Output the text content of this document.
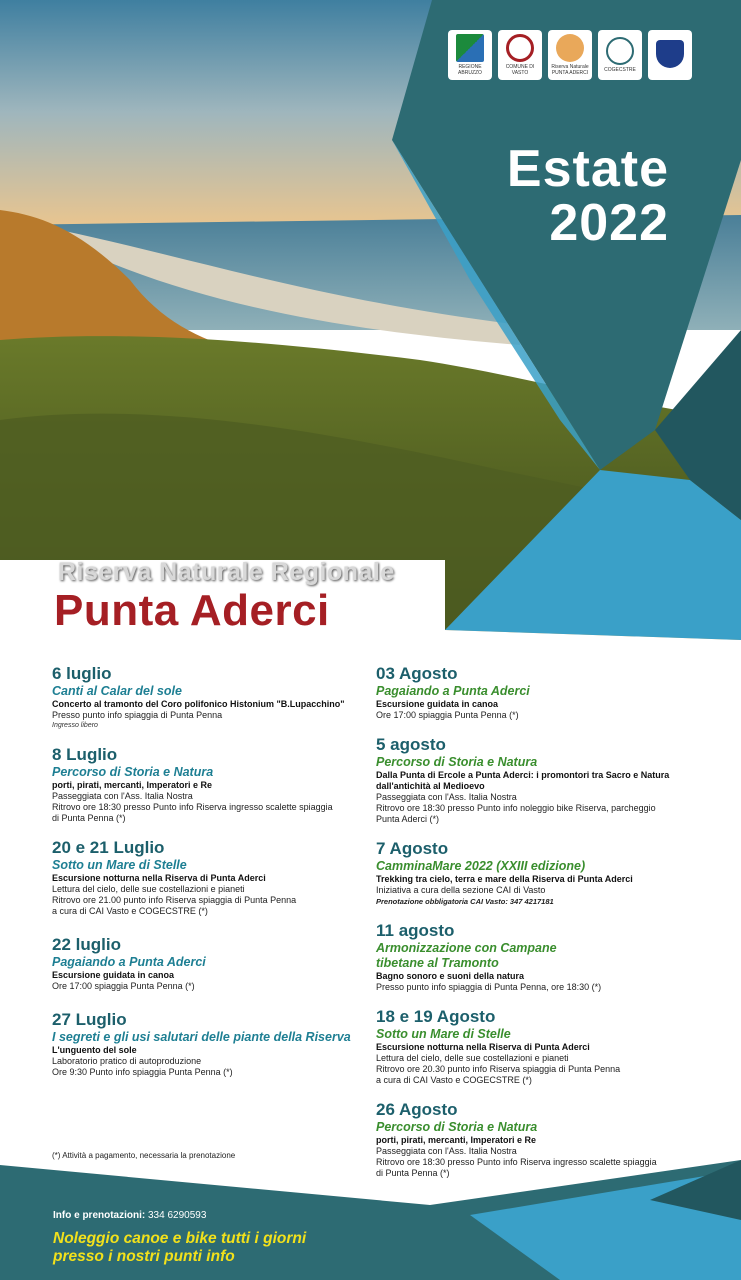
REGIONE ABRUZZO
COMUNE DI VASTO
Riserva Naturale PUNTA ADERCI	COGECSTRE
Estate
2022
Riserva Naturale Regionale
Punta Aderci
6 luglio
Canti al Calar del sole
Concerto al tramonto del Coro polifonico Histonium "B.Lupacchino"
Presso punto info spiaggia di Punta Penna
Ingresso libero
8 Luglio
Percorso di Storia e Natura
porti, pirati, mercanti, Imperatori e Re
Passeggiata con l'Ass. Italia Nostra
Ritrovo ore 18:30 presso Punto info Riserva ingresso scalette spiaggia
di Punta Penna (*)
20 e 21 Luglio
Sotto un Mare di Stelle
Escursione notturna nella Riserva di Punta Aderci
Lettura del cielo, delle sue costellazioni e pianeti
Ritrovo ore 21.00 punto info Riserva spiaggia di Punta Penna
a cura di CAI Vasto e COGECSTRE (*)
22 luglio
Pagaiando a Punta Aderci
Escursione guidata in canoa
Ore 17:00 spiaggia Punta Penna (*)
27 Luglio
I segreti e gli usi salutari delle piante della Riserva
L'unguento del sole
Laboratorio pratico di autoproduzione
Ore 9:30 Punto info spiaggia Punta Penna (*)
03 Agosto
Pagaiando a Punta Aderci
Escursione guidata in canoa
Ore 17:00 spiaggia Punta Penna (*)
5 agosto
Percorso di Storia e Natura
Dalla Punta di Ercole a Punta Aderci: i promontori tra Sacro e Natura dall'antichità al Medioevo
Passeggiata con l'Ass. Italia Nostra
Ritrovo ore 18:30 presso Punto info noleggio bike Riserva, parcheggio
Punta Aderci (*)
7 Agosto
CamminaMare 2022 (XXIII edizione)
Trekking tra cielo, terra e mare della Riserva di Punta Aderci
Iniziativa a cura della sezione CAI di Vasto
Prenotazione obbligatoria CAI Vasto: 347 4217181
11 agosto
Armonizzazione con Campane tibetane al Tramonto
Bagno sonoro e suoni della natura
Presso punto info spiaggia di Punta Penna, ore 18:30 (*)
18 e 19 Agosto
Sotto un Mare di Stelle
Escursione notturna nella Riserva di Punta Aderci
Lettura del cielo, delle sue costellazioni e pianeti
Ritrovo ore 20.30 punto info Riserva spiaggia di Punta Penna
a cura di CAI Vasto e COGECSTRE (*)
26 Agosto
Percorso di Storia e Natura
porti, pirati, mercanti, Imperatori e Re
Passeggiata con l'Ass. Italia Nostra
Ritrovo ore 18:30 presso Punto info Riserva ingresso scalette spiaggia
di Punta Penna (*)
(*) Attività a pagamento, necessaria la prenotazione
Info e prenotazioni: 334 6290593
Noleggio canoe e bike tutti i giorni
presso i nostri punti info
